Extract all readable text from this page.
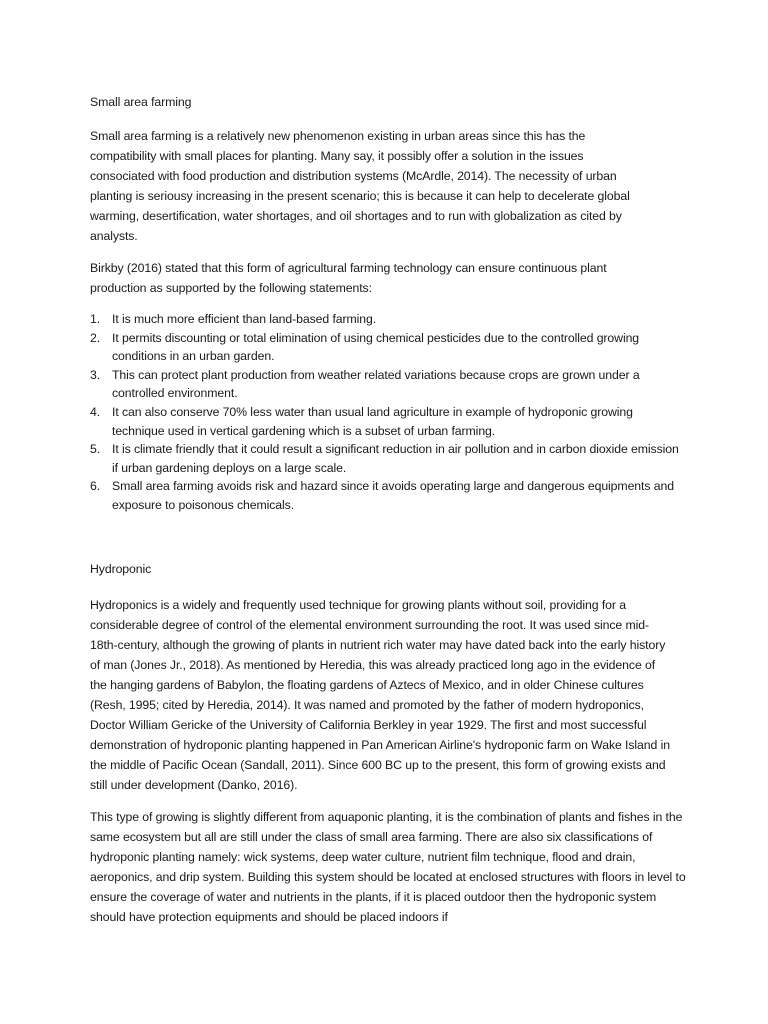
Small area farming

Small area farming is a relatively new phenomenon existing in urban areas since this has the compatibility with small places for planting. Many say, it possibly offer a solution in the issues consociated with food production and distribution systems (McArdle, 2014). The necessity of urban planting is seriousy increasing in the present scenario; this is because it can help to decelerate global warming, desertification, water shortages, and oil shortages and to run with globalization as cited by analysts.

Birkby (2016) stated that this form of agricultural farming technology can ensure continuous plant production as supported by the following statements:

1. It is much more efficient than land-based farming.
2. It permits discounting or total elimination of using chemical pesticides due to the controlled growing conditions in an urban garden.
3. This can protect plant production from weather related variations because crops are grown under a controlled environment.
4. It can also conserve 70% less water than usual land agriculture in example of hydroponic growing technique used in vertical gardening which is a subset of urban farming.
5. It is climate friendly that it could result a significant reduction in air pollution and in carbon dioxide emission if urban gardening deploys on a large scale.
6. Small area farming avoids risk and hazard since it avoids operating large and dangerous equipments and exposure to poisonous chemicals.
Hydroponic

Hydroponics is a widely and frequently used technique for growing plants without soil, providing for a considerable degree of control of the elemental environment surrounding the root. It was used since mid-18th-century, although the growing of plants in nutrient rich water may have dated back into the early history of man (Jones Jr., 2018). As mentioned by Heredia, this was already practiced long ago in the evidence of the hanging gardens of Babylon, the floating gardens of Aztecs of Mexico, and in older Chinese cultures (Resh, 1995; cited by Heredia, 2014). It was named and promoted by the father of modern hydroponics, Doctor William Gericke of the University of California Berkley in year 1929. The first and most successful demonstration of hydroponic planting happened in Pan American Airline's hydroponic farm on Wake Island in the middle of Pacific Ocean (Sandall, 2011). Since 600 BC up to the present, this form of growing exists and still under development (Danko, 2016).

This type of growing is slightly different from aquaponic planting, it is the combination of plants and fishes in the same ecosystem but all are still under the class of small area farming. There are also six classifications of hydroponic planting namely: wick systems, deep water culture, nutrient film technique, flood and drain, aeroponics, and drip system. Building this system should be located at enclosed structures with floors in level to ensure the coverage of water and nutrients in the plants, if it is placed outdoor then the hydroponic system should have protection equipments and should be placed indoors if
